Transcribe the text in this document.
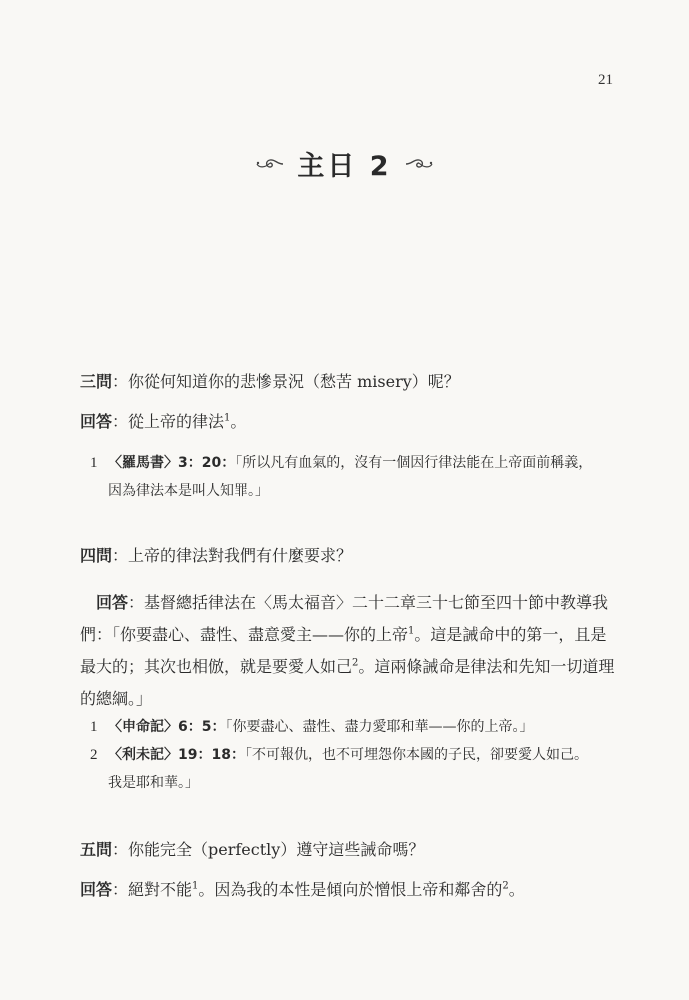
21
主日 2
三問：你從何知道你的悲慘景況（愁苦 misery）呢？
回答：從上帝的律法$^1$。
1 〈羅馬書〉3：20：「所以凡有血氣的，沒有一個因行律法能在上帝面前稱義，因為律法本是叫人知罪。」
四問：上帝的律法對我們有什麼要求？
回答：基督總括律法在〈馬太福音〉二十二章三十七節至四十節中教導我們：「你要盡心、盡性、盡意愛主——你的上帝$^1$。這是誡命中的第一，且是最大的；其次也相倣，就是要愛人如己$^2$。這兩條誡命是律法和先知一切道理的總綱。」
1 〈申命記〉6：5：「你要盡心、盡性、盡力愛耶和華——你的上帝。」
2 〈利未記〉19：18：「不可報仇，也不可埋怨你本國的子民，卻要愛人如己。我是耶和華。」
五問：你能完全（perfectly）遵守這些誡命嗎？
回答：絕對不能$^1$。因為我的本性是傾向於憎恨上帝和鄰舍的$^2$。
